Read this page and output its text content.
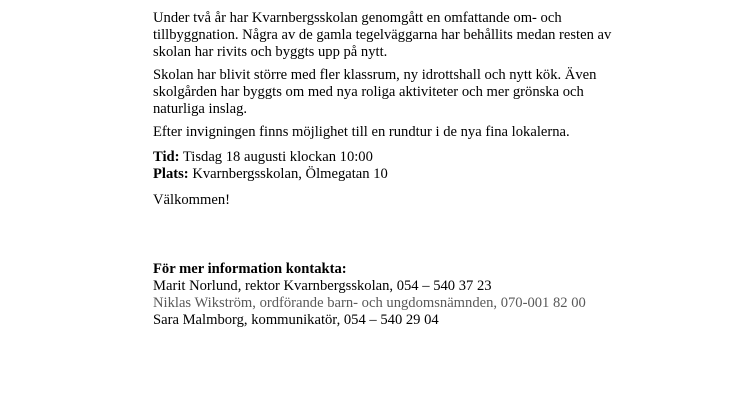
Under två år har Kvarnbergsskolan genomgått en omfattande om- och tillbyggnation. Några av de gamla tegelväggarna har behållits medan resten av skolan har rivits och byggts upp på nytt.

Skolan har blivit större med fler klassrum, ny idrottshall och nytt kök. Även skolgården har byggts om med nya roliga aktiviteter och mer grönska och naturliga inslag.

Efter invigningen finns möjlighet till en rundtur i de nya fina lokalerna.

Tid: Tisdag 18 augusti klockan 10:00

Plats: Kvarnbergsskolan, Ölmegatan 10

Välkommen!

För mer information kontakta:

Marit Norlund, rektor Kvarnbergsskolan, 054 – 540 37 23

Niklas Wikström, ordförande barn- och ungdomsnämnden, 070-001 82 00

Sara Malmborg, kommunikatör, 054 – 540 29 04
